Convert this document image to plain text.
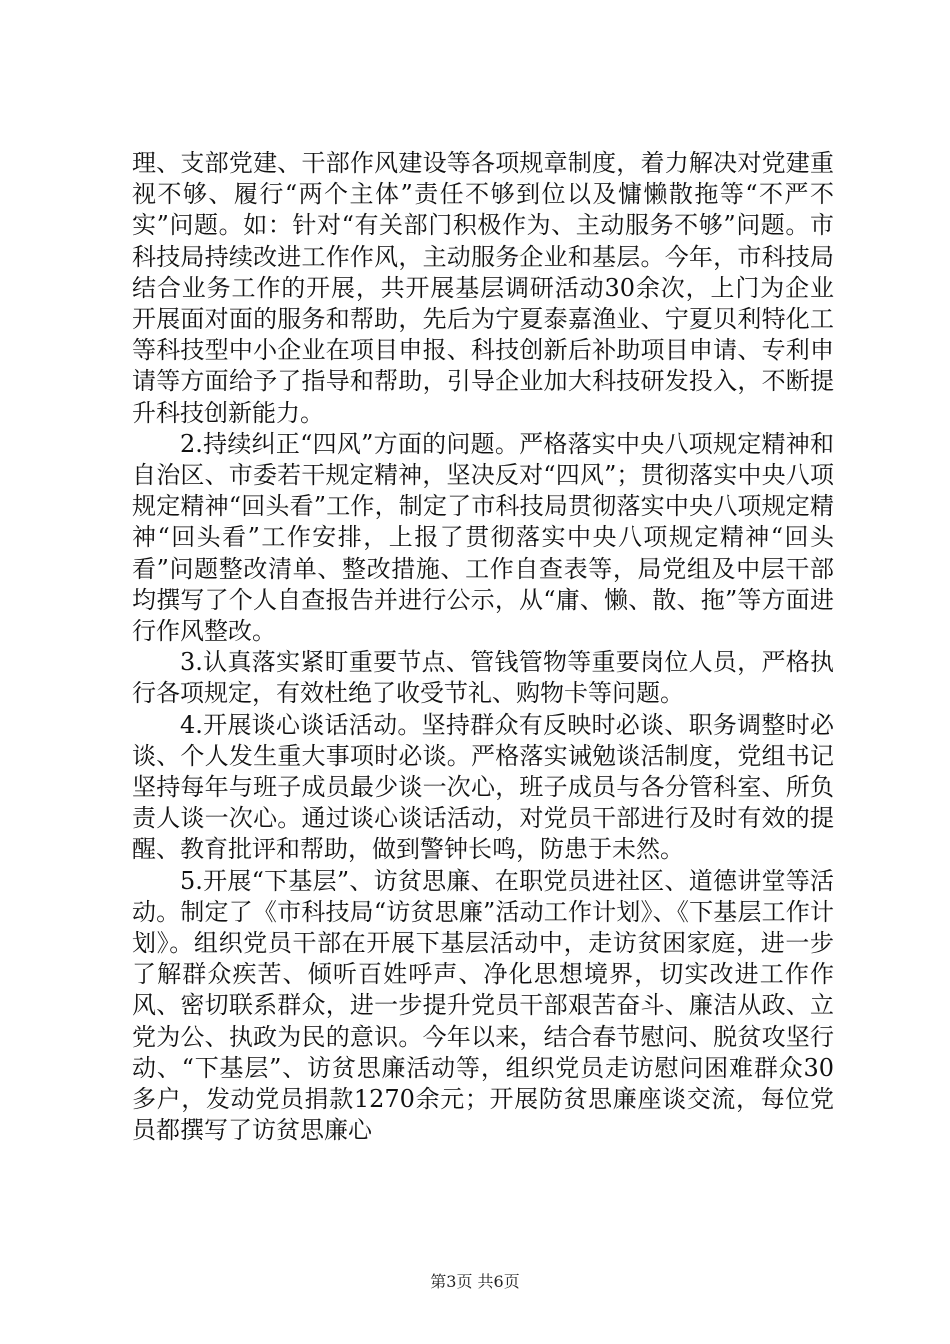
理、支部党建、干部作风建设等各项规章制度，着力解决对党建重视不够、履行“两个主体”责任不够到位以及慵懒散拖等“不严不实”问题。如：针对“有关部门积极作为、主动服务不够”问题。市科技局持续改进工作作风，主动服务企业和基层。今年，市科技局结合业务工作的开展，共开展基层调研活动30余次，上门为企业开展面对面的服务和帮助，先后为宁夏泰嘉渔业、宁夏贝利特化工等科技型中小企业在项目申报、科技创新后补助项目申请、专利申请等方面给予了指导和帮助，引导企业加大科技研发投入，不断提升科技创新能力。

2.持续纠正“四风”方面的问题。严格落实中央八项规定精神和自治区、市委若干规定精神，坚决反对“四风”；贯彻落实中央八项规定精神“回头看”工作，制定了市科技局贯彻落实中央八项规定精神“回头看”工作安排，上报了贯彻落实中央八项规定精神“回头看”问题整改清单、整改措施、工作自查表等，局党组及中层干部均撰写了个人自查报告并进行公示，从“庸、懒、散、拖”等方面进行作风整改。

3.认真落实紧盯重要节点、管钱管物等重要岗位人员，严格执行各项规定，有效杜绝了收受节礼、购物卡等问题。

4.开展谈心谈话活动。坚持群众有反映时必谈、职务调整时必谈、个人发生重大事项时必谈。严格落实诫勉谈活制度，党组书记坚持每年与班子成员最少谈一次心，班子成员与各分管科室、所负责人谈一次心。通过谈心谈话活动，对党员干部进行及时有效的提醒、教育批评和帮助，做到警钟长鸣，防患于未然。

5.开展“下基层”、访贫思廉、在职党员进社区、道德讲堂等活动。制定了《市科技局“访贫思廉”活动工作计划》、《下基层工作计划》。组织党员干部在开展下基层活动中，走访贫困家庭，进一步了解群众疾苦、倾听百姓呼声、净化思想境界，切实改进工作作风、密切联系群众，进一步提升党员干部艰苦奋斗、廉洁从政、立党为公、执政为民的意识。今年以来，结合春节慰问、脱贫攻坚行动、“下基层”、访贫思廉活动等，组织党员走访慰问困难群众30多户，发动党员捐款1270余元；开展防贫思廉座谈交流，每位党员都撰写了访贫思廉心

第3页 共6页
